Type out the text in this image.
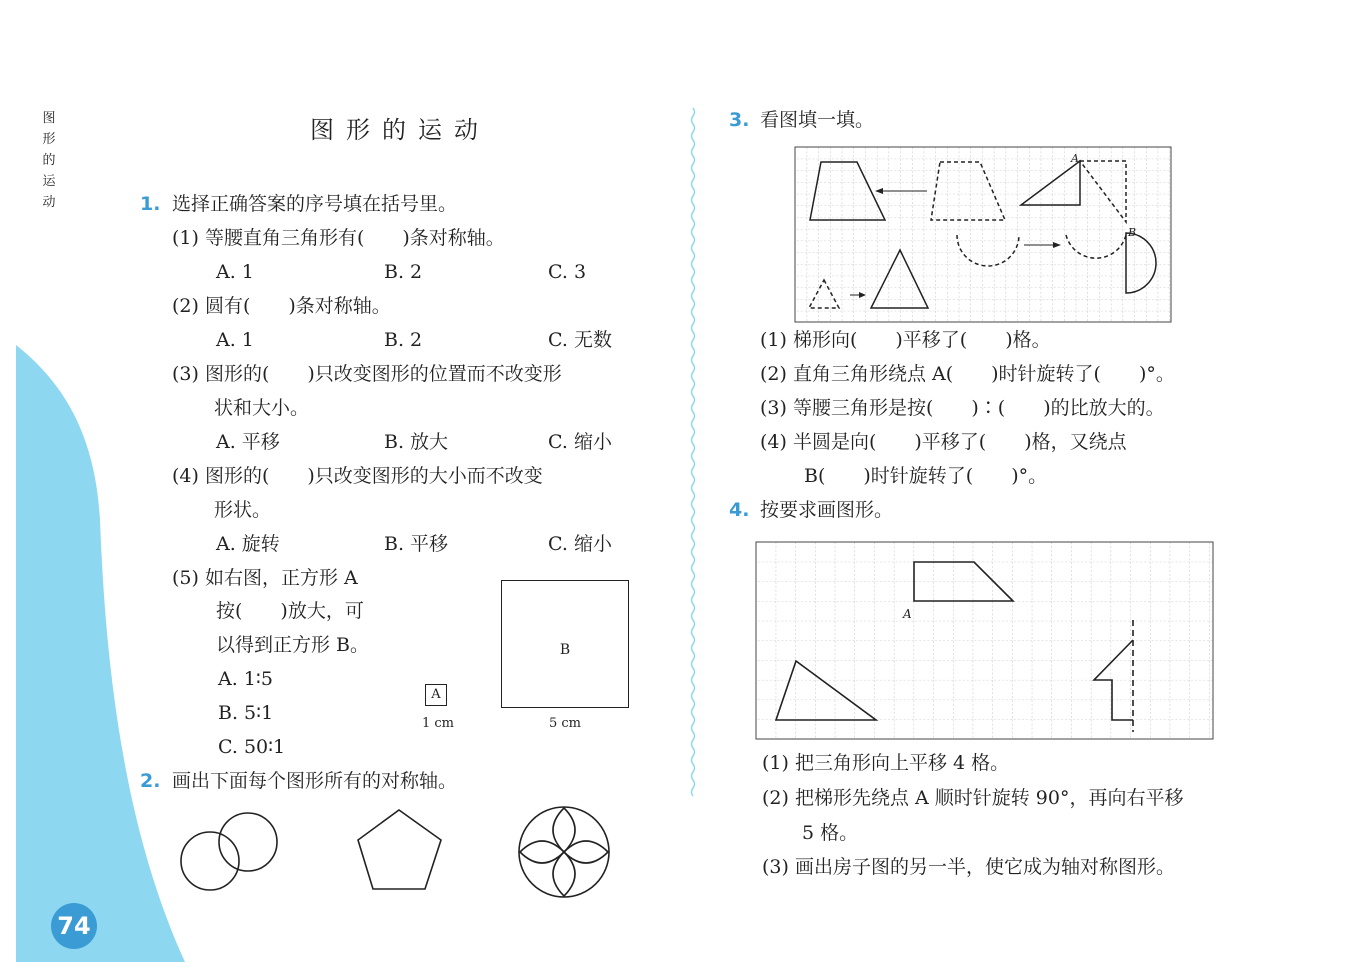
74
图
形
的
运
动
图形的运动
1. 选择正确答案的序号填在括号里。
(1) 等腰直角三角形有(　　)条对称轴。
A. 1	B. 2	C. 3
(2) 圆有(　　)条对称轴。
A. 1	B. 2	C. 无数
(3) 图形的(　　)只改变图形的位置而不改变形
状和大小。
A. 平移	B. 放大	C. 缩小
(4) 图形的(　　)只改变图形的大小而不改变
形状。
A. 旋转	B. 平移	C. 缩小
(5) 如右图，正方形 A
按(　　)放大，可
以得到正方形 B。
A. 1∶5
B. 5∶1
C. 50∶1
A
1 cm
B
5 cm
2. 画出下面每个图形所有的对称轴。
3. 看图填一填。
A
B
(1) 梯形向(　　)平移了(　　)格。
(2) 直角三角形绕点 A(　　)时针旋转了(　　)°。
(3) 等腰三角形是按(　　)∶(　　)的比放大的。
(4) 半圆是向(　　)平移了(　　)格，又绕点
B(　　)时针旋转了(　　)°。
4. 按要求画图形。
A
(1) 把三角形向上平移 4 格。
(2) 把梯形先绕点 A 顺时针旋转 90°，再向右平移
5 格。
(3) 画出房子图的另一半，使它成为轴对称图形。
